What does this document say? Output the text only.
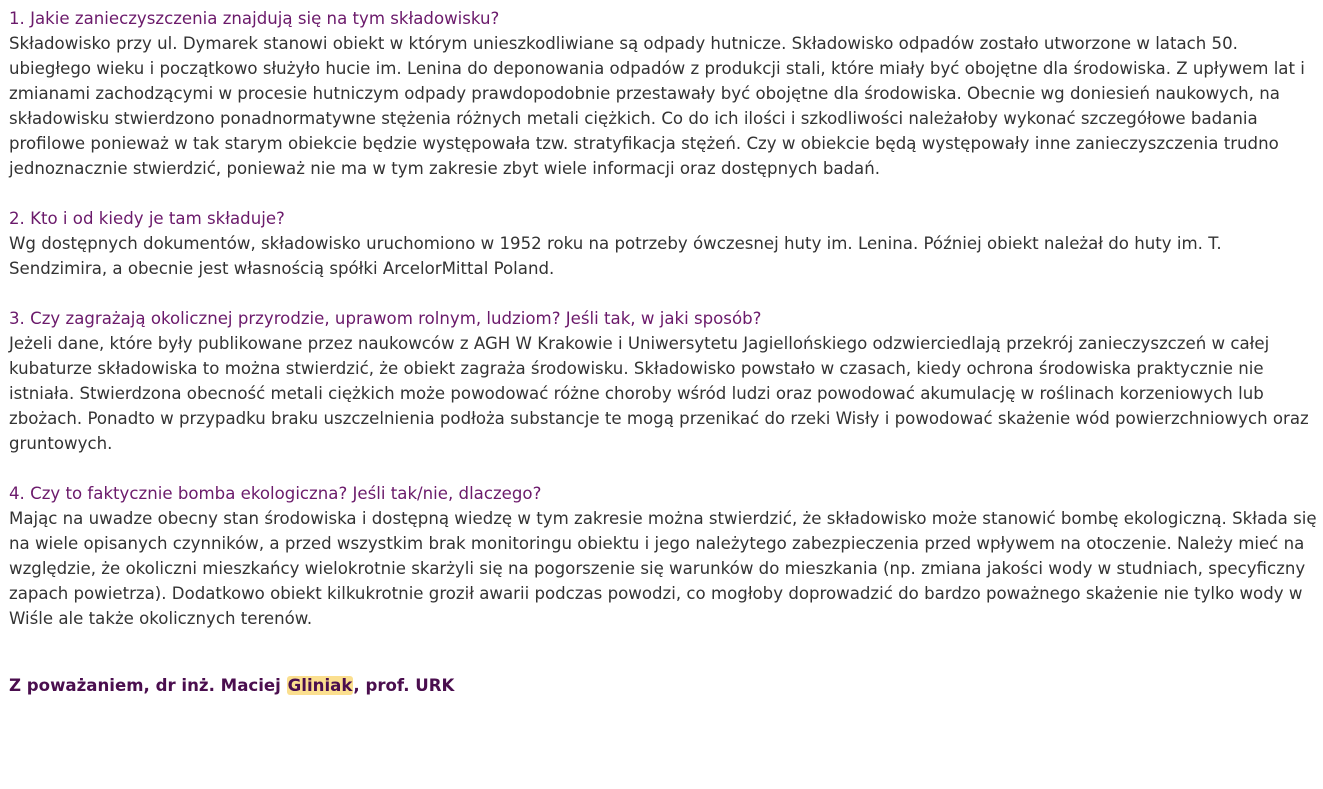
1. Jakie zanieczyszczenia znajdują się na tym składowisku?

Składowisko przy ul. Dymarek stanowi obiekt w którym unieszkodliwiane są odpady hutnicze. Składowisko odpadów zostało utworzone w latach 50. ubiegłego wieku i początkowo służyło hucie im. Lenina do deponowania odpadów z produkcji stali, które miały być obojętne dla środowiska. Z upływem lat i zmianami zachodzącymi w procesie hutniczym odpady prawdopodobnie przestawały być obojętne dla środowiska. Obecnie wg doniesień naukowych, na składowisku stwierdzono ponadnormatywne stężenia różnych metali ciężkich. Co do ich ilości i szkodliwości należałoby wykonać szczegółowe badania profilowe ponieważ w tak starym obiekcie będzie występowała tzw. stratyfikacja stężeń. Czy w obiekcie będą występowały inne zanieczyszczenia trudno jednoznacznie stwierdzić, ponieważ nie ma w tym zakresie zbyt wiele informacji oraz dostępnych badań.

2. Kto i od kiedy je tam składuje?

Wg dostępnych dokumentów, składowisko uruchomiono w 1952 roku na potrzeby ówczesnej huty im. Lenina. Później obiekt należał do huty im. T. Sendzimira, a obecnie jest własnością spółki ArcelorMittal Poland.

3. Czy zagrażają okolicznej przyrodzie, uprawom rolnym, ludziom? Jeśli tak, w jaki sposób?

Jeżeli dane, które były publikowane przez naukowców z AGH W Krakowie i Uniwersytetu Jagiellońskiego odzwierciedlają przekrój zanieczyszczeń w całej kubaturze składowiska to można stwierdzić, że obiekt zagraża środowisku. Składowisko powstało w czasach, kiedy ochrona środowiska praktycznie nie istniała. Stwierdzona obecność metali ciężkich może powodować różne choroby wśród ludzi oraz powodować akumulację w roślinach korzeniowych lub zbożach. Ponadto w przypadku braku uszczelnienia podłoża substancje te mogą przenikać do rzeki Wisły i powodować skażenie wód powierzchniowych oraz gruntowych.

4. Czy to faktycznie bomba ekologiczna? Jeśli tak/nie, dlaczego?

Mając na uwadze obecny stan środowiska i dostępną wiedzę w tym zakresie można stwierdzić, że składowisko może stanowić bombę ekologiczną. Składa się na wiele opisanych czynników, a przed wszystkim brak monitoringu obiektu i jego należytego zabezpieczenia przed wpływem na otoczenie. Należy mieć na względzie, że okoliczni mieszkańcy wielokrotnie skarżyli się na pogorszenie się warunków do mieszkania (np. zmiana jakości wody w studniach, specyficzny zapach powietrza). Dodatkowo obiekt kilkukrotnie groził awarii podczas powodzi, co mogłoby doprowadzić do bardzo poważnego skażenie nie tylko wody w Wiśle ale także okolicznych terenów.

Z poważaniem, dr inż. Maciej Gliniak, prof. URK
